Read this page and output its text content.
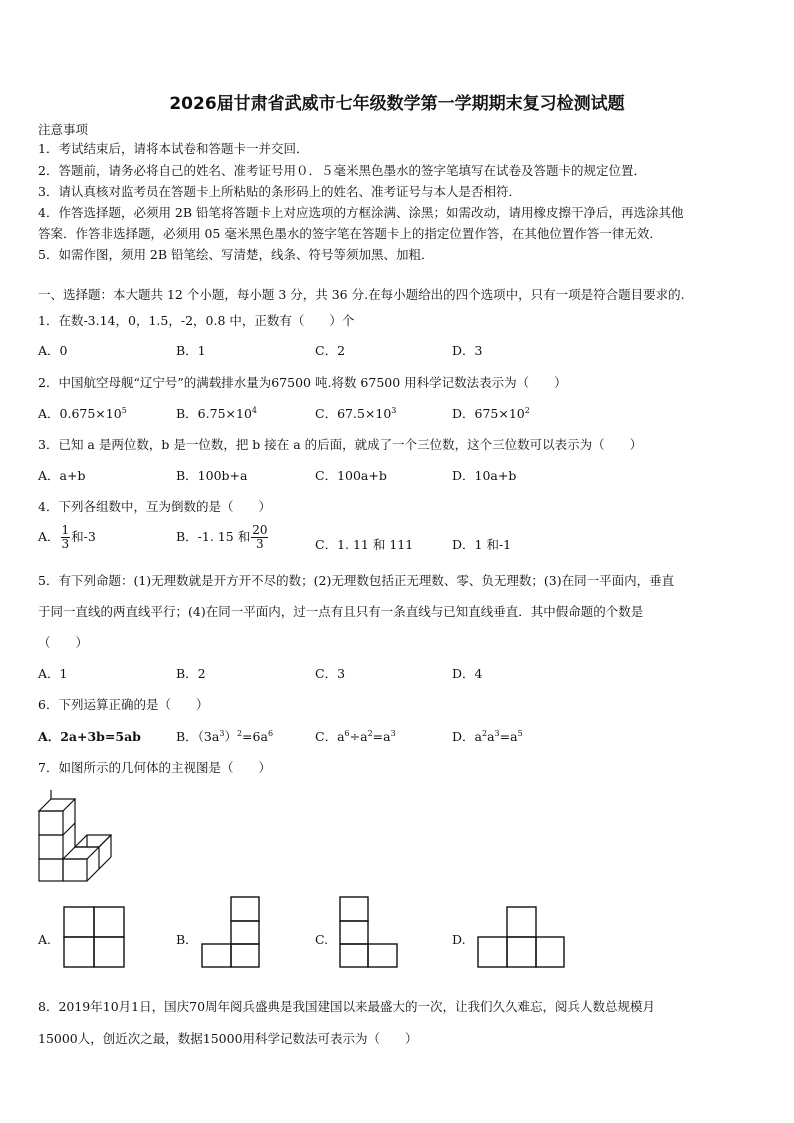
2026届甘肃省武威市七年级数学第一学期期末复习检测试题
注意事项
1．考试结束后，请将本试卷和答题卡一并交回．
2．答题前，请务必将自己的姓名、准考证号用０．５毫米黑色墨水的签字笔填写在试卷及答题卡的规定位置．
3．请认真核对监考员在答题卡上所粘贴的条形码上的姓名、准考证号与本人是否相符．
4．作答选择题，必须用 2B 铅笔将答题卡上对应选项的方框涂满、涂黑；如需改动，请用橡皮擦干净后，再选涂其他
答案．作答非选择题，必须用 05 毫米黑色墨水的签字笔在答题卡上的指定位置作答，在其他位置作答一律无效．
5．如需作图，须用 2B 铅笔绘、写清楚，线条、符号等须加黑、加粗．
一、选择题：本大题共 12 个小题，每小题 3 分，共 36 分.在每小题给出的四个选项中，只有一项是符合题目要求的.
1．在数-3.14，0，1.5，-2，0.8 中，正数有（　　）个
A．0	B．1	C．2	D．3
2．中国航空母舰“辽宁号”的满载排水量为67500 吨.将数 67500 用科学记数法表示为（　　）
A．$0.675\times 10^5$	B．$6.75\times 10^4$	C．$67.5\times 10^3$	D．$675\times 10^2$
3．已知 a 是两位数，b 是一位数，把 b 接在 a 的后面，就成了一个三位数，这个三位数可以表示为（　　）
A．a+b	B．100b+a	C．100a+b	D．10a+b
4．下列各组数中，互为倒数的是（　　）
A． $\frac{1}{3}$ 和-3	B．-1. 15 和 $\frac{20}{3}$	C．1. 11 和 111	D．1 和-1
5．有下列命题：(1)无理数就是开方开不尽的数；(2)无理数包括正无理数、零、负无理数；(3)在同一平面内，垂直
于同一直线的两直线平行；(4)在同一平面内，过一点有且只有一条直线与已知直线垂直．其中假命题的个数是
（　　）
A．1	B．2	C．3	D．4
6．下列运算正确的是（　　）
A．2a+3b=5ab	B．$(3a^3)^2=6a^6$	C．$a^6\div a^2=a^3$	D．$a^2a^3=a^5$
7．如图所示的几何体的主视图是（　　）
A.	B．	C.	D.
8．2019年10月1日，国庆70周年阅兵盛典是我国建国以来最盛大的一次，让我们久久难忘，阅兵人数总规模月
15000人，创近次之最，数据15000用科学记数法可表示为（　　）
